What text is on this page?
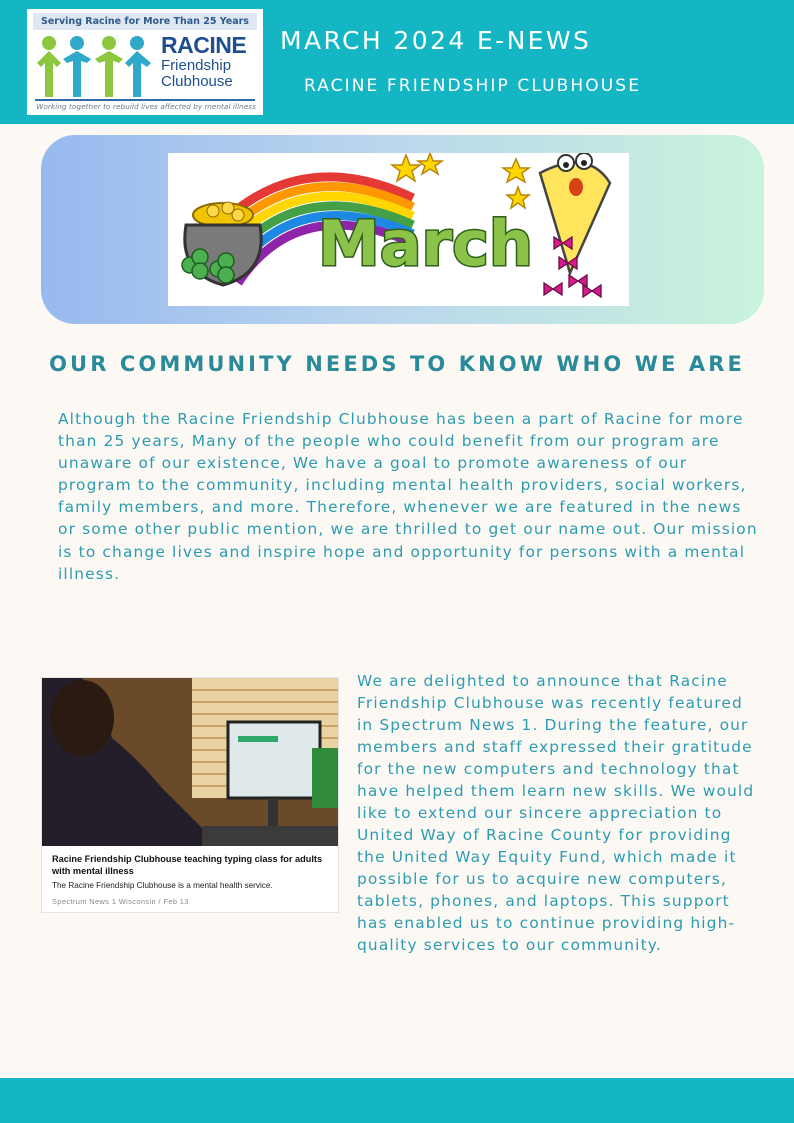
Serving Racine for More Than 25 Years
RACINE
Friendship
Clubhouse
Working together to rebuild lives affected by mental illness
MARCH 2024 E-NEWS
RACINE FRIENDSHIP CLUBHOUSE
March
OUR COMMUNITY NEEDS TO KNOW WHO WE ARE

Although the Racine Friendship Clubhouse has been a part of Racine for more than 25 years, Many of the people who could benefit from our program are unaware of our existence, We have a goal to promote awareness of our program to the community, including mental health providers, social workers, family members, and more. Therefore, whenever we are featured in the news or some other public mention, we are thrilled to get our name out. Our mission is to change lives and inspire hope and opportunity for persons with a mental illness.

Racine Friendship Clubhouse teaching typing class for adults with mental illness
The Racine Friendship Clubhouse is a mental health service.
Spectrum News 1 Wisconsin / Feb 13

We are delighted to announce that Racine Friendship Clubhouse was recently featured in Spectrum News 1. During the feature, our members and staff expressed their gratitude for the new computers and technology that have helped them learn new skills. We would like to extend our sincere appreciation to United Way of Racine County for providing the United Way Equity Fund, which made it possible for us to acquire new computers, tablets, phones, and laptops. This support has enabled us to continue providing high-quality services to our community.
